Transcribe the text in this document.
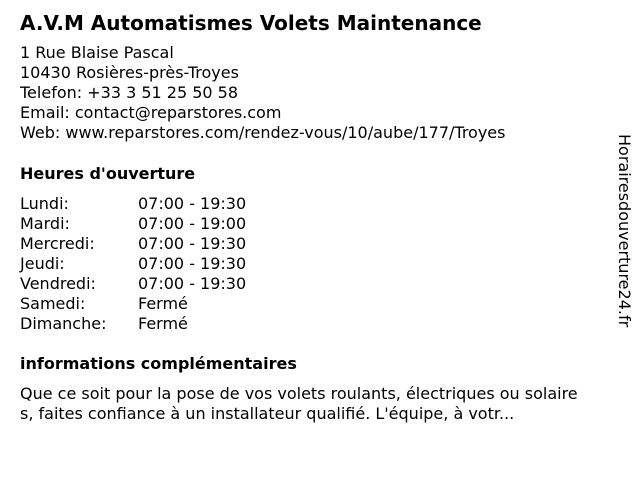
A.V.M Automatismes Volets Maintenance
1 Rue Blaise Pascal
10430 Rosières-près-Troyes
Telefon: +33 3 51 25 50 58
Email: contact@reparstores.com
Web: www.reparstores.com/rendez-vous/10/aube/177/Troyes
Heures d'ouverture
Lundi:	07:00 - 19:30
Mardi:	07:00 - 19:00
Mercredi:	07:00 - 19:30
Jeudi:	07:00 - 19:30
Vendredi:	07:00 - 19:30
Samedi:	Fermé
Dimanche: Fermé
informations complémentaires
Que ce soit pour la pose de vos volets roulants, électriques ou solaires, faites confiance à un installateur qualifié. L'équipe, à votr...
Horairesdouverture24.fr
